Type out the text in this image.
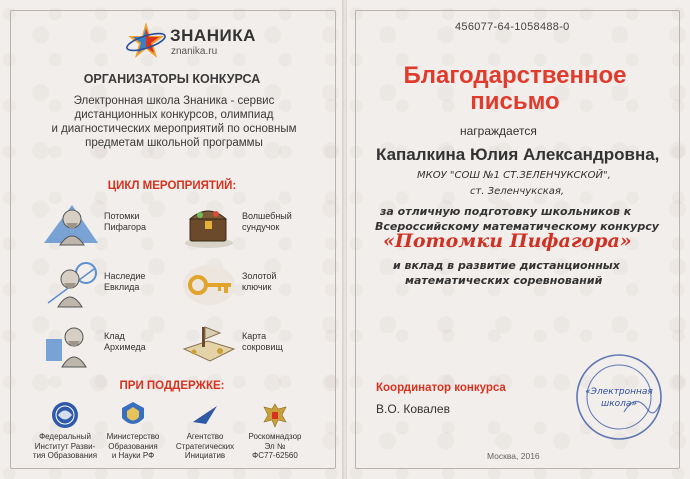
ЗНАНИКА
znanika.ru
ОРГАНИЗАТОРЫ КОНКУРСА
Электронная школа Знаника - сервис
дистанционных конкурсов, олимпиад
и диагностических мероприятий по основным
предметам школьной программы
ЦИКЛ МЕРОПРИЯТИЙ:
Потомки
Пифагора
Волшебный
сундучок
Наследие
Евклида
Золотой
ключик
Клад
Архимеда
Карта
сокровищ
ПРИ ПОДДЕРЖКЕ:
Федеральный
Институт Разви-
тия Образования
Министерство
Образования
и Науки РФ
Агентство
Стратегических
Инициатив
Роскомнадзор
Эл №
ФС77-62560
456077-64-1058488-0
Благодарственное
письмо
награждается
Капалкина Юлия Александровна,
МКОУ "СОШ №1 СТ.ЗЕЛЕНЧУКСКОЙ",
ст. Зеленчукская,
за отличную подготовку школьников к
Всероссийскому математическому конкурсу
«Потомки Пифагора»
и вклад в развитие дистанционных
математических соревнований
Координатор конкурса
В.О. Ковалев
Москва, 2016
«Электронная
школа»
